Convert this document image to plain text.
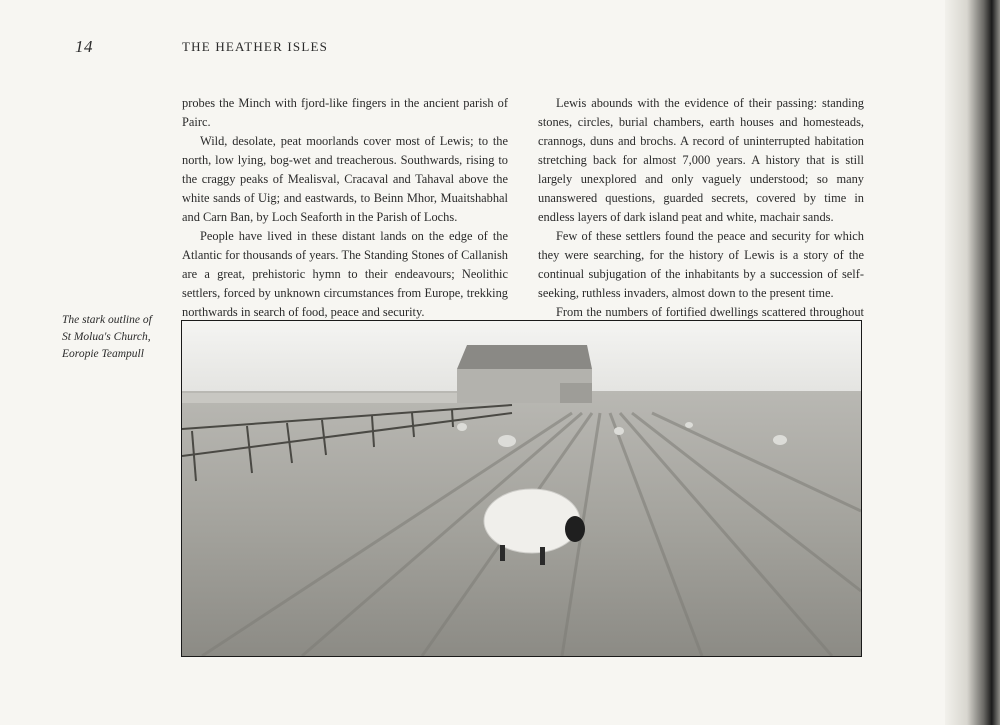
14	THE HEATHER ISLES

probes the Minch with fjord-like fingers in the ancient parish of Pairc.

Wild, desolate, peat moorlands cover most of Lewis; to the north, low lying, bog-wet and treacherous. Southwards, rising to the craggy peaks of Mealisval, Cracaval and Tahaval above the white sands of Uig; and eastwards, to Beinn Mhor, Muaitshabhal and Carn Ban, by Loch Seaforth in the Parish of Lochs.

People have lived in these distant lands on the edge of the Atlantic for thousands of years. The Standing Stones of Callanish are a great, prehistoric hymn to their endeavours; Neolithic settlers, forced by unknown circumstances from Europe, trekking northwards in search of food, peace and security.

Lewis abounds with the evidence of their passing: standing stones, circles, burial chambers, earth houses and homesteads, crannogs, duns and brochs. A record of uninterrupted habitation stretching back for almost 7,000 years. A history that is still largely unexplored and only vaguely understood; so many unanswered questions, guarded secrets, covered by time in endless layers of dark island peat and white, machair sands.

Few of these settlers found the peace and security for which they were searching, for the history of Lewis is a story of the continual subjugation of the inhabitants by a succession of self-seeking, ruthless invaders, almost down to the present time.

From the numbers of fortified dwellings scattered throughout

The stark outline of St Molua's Church, Eoropie Teampull
